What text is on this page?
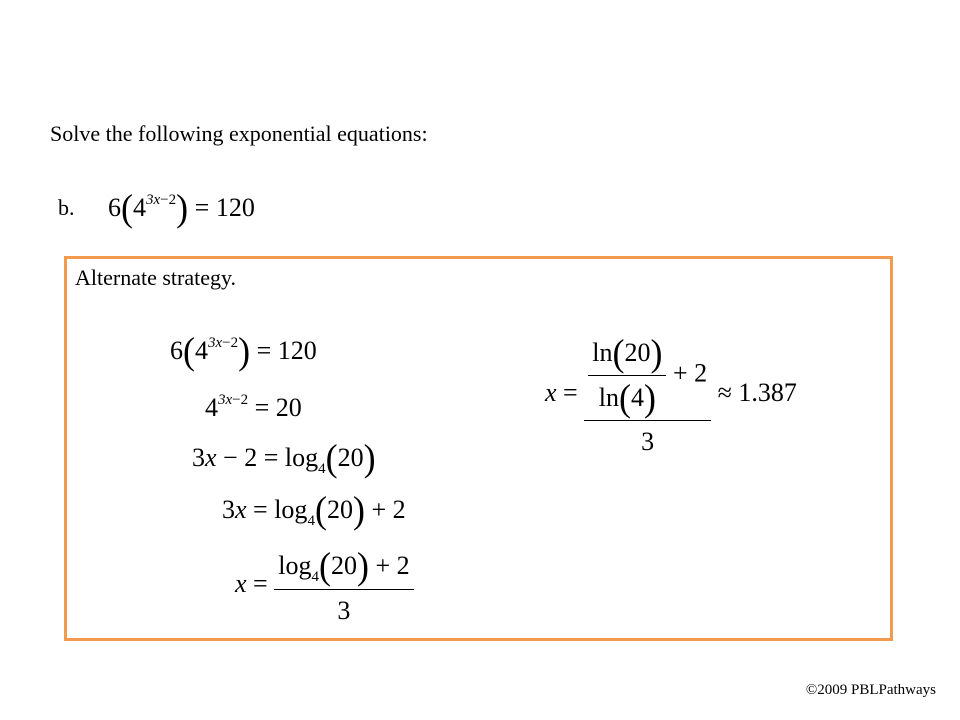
Solve the following exponential equations:
b. $6(4^{3x-2}) = 120$
Alternate strategy.
$6(4^{3x-2}) = 120$
$4^{3x-2} = 20$
$3x - 2 = \log_4(20)$
$3x = \log_4(20) + 2$
$x = \frac{\log_4(20) + 2}{3}$
$x = \frac{\frac{\ln(20)}{\ln(4)} + 2}{3} \approx 1.387$
©2009 PBLPathways
